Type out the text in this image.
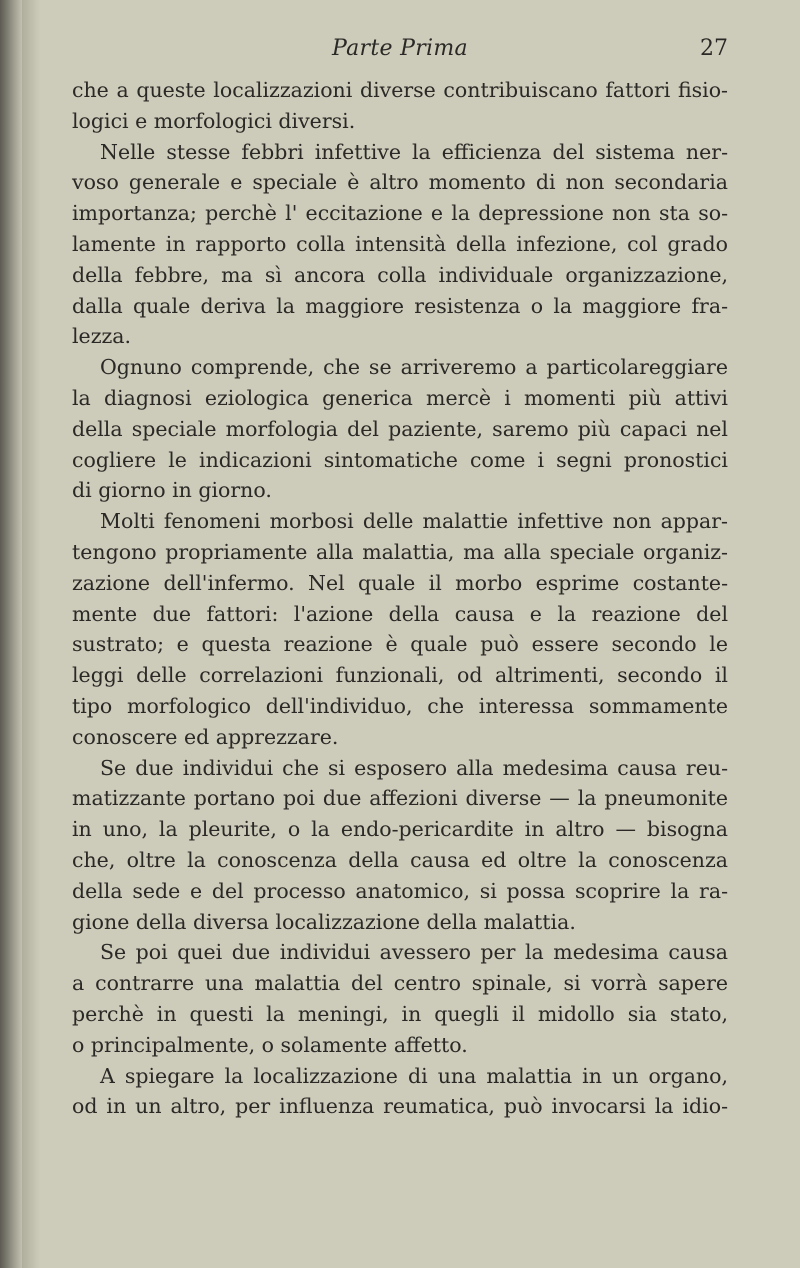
Parte Prima	27
che a queste localizzazioni diverse contribuiscano fattori fisio-
logici e morfologici diversi.
Nelle stesse febbri infettive la efficienza del sistema ner-
voso generale e speciale è altro momento di non secondaria
importanza; perchè l' eccitazione e la depressione non sta so-
lamente in rapporto colla intensità della infezione, col grado
della febbre, ma sì ancora colla individuale organizzazione,
dalla quale deriva la maggiore resistenza o la maggiore fra-
lezza.
Ognuno comprende, che se arriveremo a particolareggiare
la diagnosi eziologica generica mercè i momenti più attivi
della speciale morfologia del paziente, saremo più capaci nel
cogliere le indicazioni sintomatiche come i segni pronostici
di giorno in giorno.
Molti fenomeni morbosi delle malattie infettive non appar-
tengono propriamente alla malattia, ma alla speciale organiz-
zazione dell'infermo. Nel quale il morbo esprime costante-
mente due fattori: l'azione della causa e la reazione del
sustrato; e questa reazione è quale può essere secondo le
leggi delle correlazioni funzionali, od altrimenti, secondo il
tipo morfologico dell'individuo, che interessa sommamente
conoscere ed apprezzare.
Se due individui che si esposero alla medesima causa reu-
matizzante portano poi due affezioni diverse — la pneumonite
in uno, la pleurite, o la endo-pericardite in altro — bisogna
che, oltre la conoscenza della causa ed oltre la conoscenza
della sede e del processo anatomico, si possa scoprire la ra-
gione della diversa localizzazione della malattia.
Se poi quei due individui avessero per la medesima causa
a contrarre una malattia del centro spinale, si vorrà sapere
perchè in questi la meningi, in quegli il midollo sia stato,
o principalmente, o solamente affetto.
A spiegare la localizzazione di una malattia in un organo,
od in un altro, per influenza reumatica, può invocarsi la idio-
